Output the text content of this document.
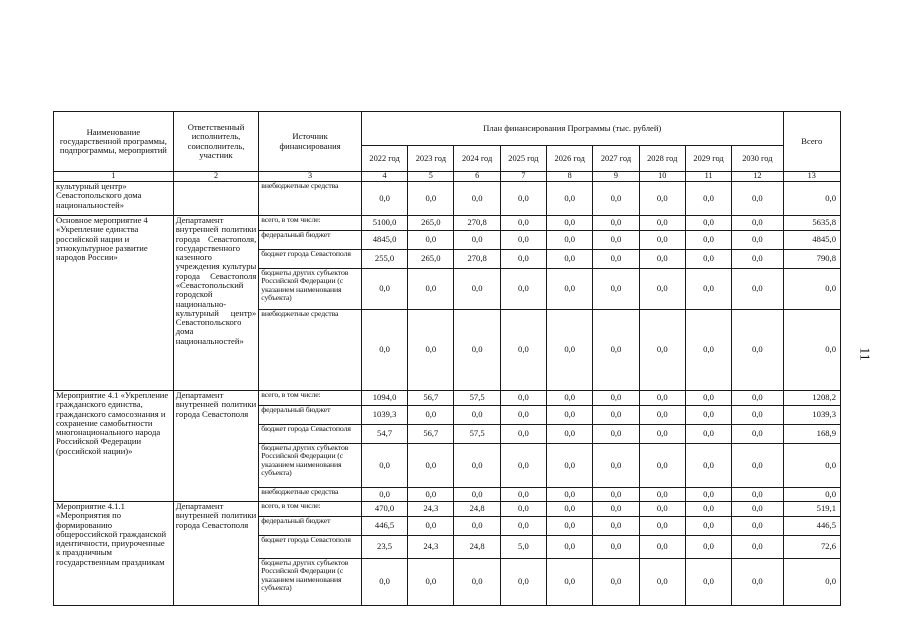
Наименование государственной программы, подпрограммы, мероприятий	Ответственный исполнитель, соисполнитель, участник	Источник финансирования	План финансирования Программы (тыс. рублей)									Всего
			2022 год	2023 год	2024 год	2025 год	2026 год	2027 год	2028 год	2029 год	2030 год	
1	2	3	4	5	6	7	8	9	10	11	12	13
культурный центр» Севастопольского дома национальностей»		внебюджетные средства	0,0	0,0	0,0	0,0	0,0	0,0	0,0	0,0	0,0	0,0
Основное мероприятие 4 «Укрепление единства российской нации и этнокультурное развитие народов России»	Департамент внутренней политики города Севастополя, государственного казенного учреждения культуры города Севастополя «Севастопольский городской национально-культурный центр» Севастопольского дома национальностей»	всего, в том числе:	5100,0	265,0	270,8	0,0	0,0	0,0	0,0	0,0	0,0	5635,8
		федеральный бюджет	4845,0	0,0	0,0	0,0	0,0	0,0	0,0	0,0	0,0	4845,0
		бюджет города Севастополя	255,0	265,0	270,8	0,0	0,0	0,0	0,0	0,0	0,0	790,8
		бюджеты других субъектов Российской Федерации (с указанием наименования субъекта)	0,0	0,0	0,0	0,0	0,0	0,0	0,0	0,0	0,0	0,0
		внебюджетные средства	0,0	0,0	0,0	0,0	0,0	0,0	0,0	0,0	0,0	0,0
Мероприятие 4.1 «Укрепление гражданского единства, гражданского самосознания и сохранение самобытности многонационального народа Российской Федерации (российской нации)»	Департамент внутренней политики города Севастополя	всего, в том числе:	1094,0	56,7	57,5	0,0	0,0	0,0	0,0	0,0	0,0	1208,2
		федеральный бюджет	1039,3	0,0	0,0	0,0	0,0	0,0	0,0	0,0	0,0	1039,3
		бюджет города Севастополя	54,7	56,7	57,5	0,0	0,0	0,0	0,0	0,0	0,0	168,9
		бюджеты других субъектов Российской Федерации (с указанием наименования субъекта)	0,0	0,0	0,0	0,0	0,0	0,0	0,0	0,0	0,0	0,0
		внебюджетные средства	0,0	0,0	0,0	0,0	0,0	0,0	0,0	0,0	0,0	0,0
Мероприятие 4.1.1 «Мероприятия по формированию общероссийской гражданской идентичности, приуроченные к праздничным государственным праздникам	Департамент внутренней политики города Севастополя	всего, в том числе:	470,0	24,3	24,8	0,0	0,0	0,0	0,0	0,0	0,0	519,1
		федеральный бюджет	446,5	0,0	0,0	0,0	0,0	0,0	0,0	0,0	0,0	446,5
		бюджет города Севастополя	23,5	24,3	24,8	5,0	0,0	0,0	0,0	0,0	0,0	72,6
		бюджеты других субъектов Российской Федерации (с указанием наименования субъекта)	0,0	0,0	0,0	0,0	0,0	0,0	0,0	0,0	0,0	0,0
11
